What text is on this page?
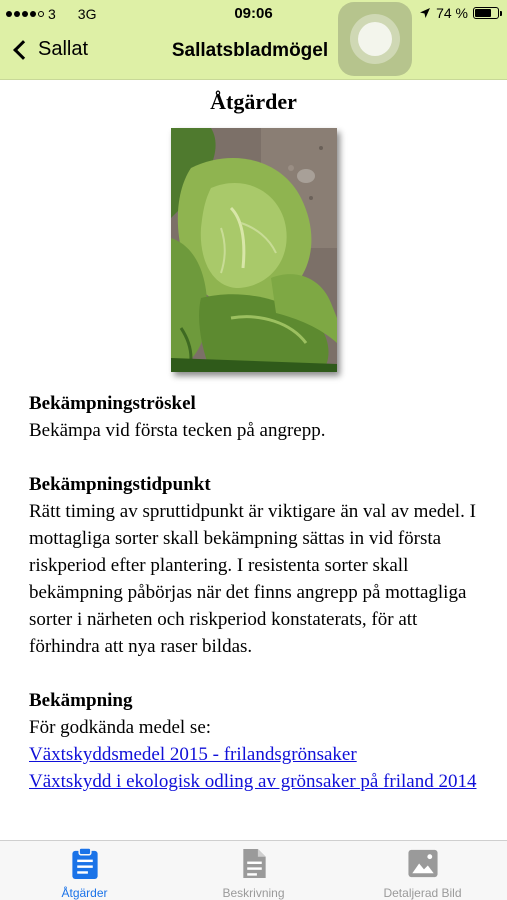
3 3G	09:06	74 %
Sallat	Sallatsbladmögel
Åtgärder

Bekämpningströskel

Bekämpa vid första tecken på angrepp.

Bekämpningstidpunkt

Rätt timing av spruttidpunkt är viktigare än val av medel. I mottagliga sorter skall bekämpning sättas in vid första riskperiod efter plantering. I resistenta sorter skall bekämpning påbörjas när det finns angrepp på mottagliga sorter i närheten och riskperiod konstaterats, för att förhindra att nya raser bildas.

Bekämpning

För godkända medel se:

Växtskyddsmedel 2015 - frilandsgrönsaker
Växtskydd i ekologisk odling av grönsaker på friland 2014
Åtgärder	Beskrivning	Detaljerad Bild
